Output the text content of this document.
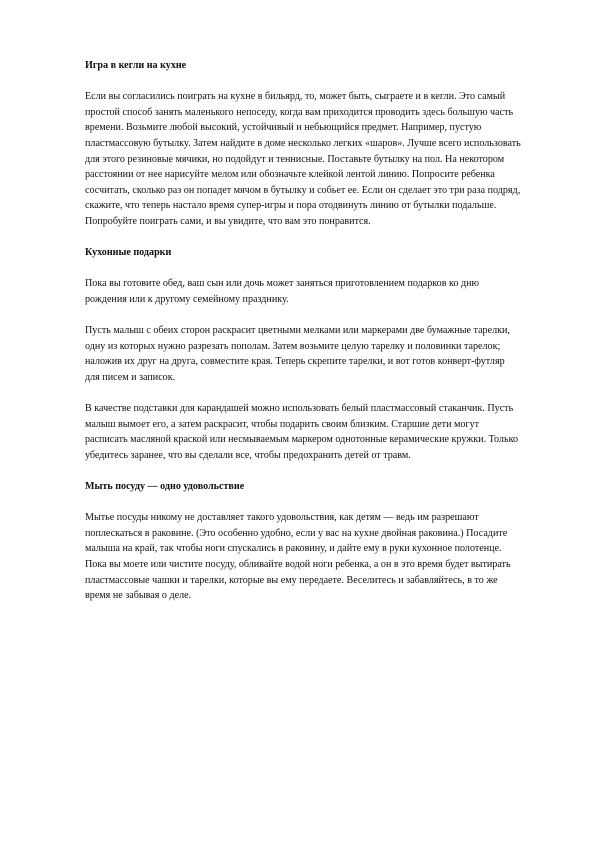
Игра в кегли на кухне

Если вы согласились поиграть на кухне в бильярд, то, может быть, сыграете и в кегли. Это самый простой способ занять маленького непоседу, когда вам приходится проводить здесь большую часть времени. Возьмите любой высокий, устойчивый и небьющийся предмет. Например, пустую пластмассовую бутылку. Затем найдите в доме несколько легких «шаров». Лучше всего использовать для этого резиновые мячики, но подойдут и теннисные. Поставьте бутылку на пол. На некотором расстоянии от нее нарисуйте мелом или обозначьте клейкой лентой линию. Попросите ребенка сосчитать, сколько раз он попадет мячом в бутылку и собьет ее. Если он сделает это три раза подряд, скажите, что теперь настало время супер-игры и пора отодвинуть линию от бутылки подальше. Попробуйте поиграть сами, и вы увидите, что вам это понравится.

Кухонные подарки

Пока вы готовите обед, ваш сын или дочь может заняться приготовлением подарков ко дню рождения или к другому семейному празднику.

Пусть малыш с обеих сторон раскрасит цветными мелками или маркерами две бумажные тарелки, одну из которых нужно разрезать пополам. Затем возьмите целую тарелку и половинки тарелок; наложив их друг на друга, совместите края. Теперь скрепите тарелки, и вот готов конверт-футляр для писем и записок.

В качестве подставки для карандашей можно использовать белый пластмассовый стаканчик. Пусть малыш вымоет его, а затем раскрасит, чтобы подарить своим близким. Старшие дети могут расписать масляной краской или несмываемым маркером однотонные керамические кружки. Только убедитесь заранее, что вы сделали все, чтобы предохранить детей от травм.

Мыть посуду — одно удовольствие

Мытье посуды никому не доставляет такого удовольствия, как детям — ведь им разрешают поплескаться в раковине. (Это особенно удобно, если у вас на кухне двойная раковина.) Посадите малыша на край, так чтобы ноги спускались в раковину, и дайте ему в руки кухонное полотенце. Пока вы моете или чистите посуду, обливайте водой ноги ребенка, а он в это время будет вытирать пластмассовые чашки и тарелки, которые вы ему передаете. Веселитесь и забавляйтесь, в то же время не забывая о деле.
